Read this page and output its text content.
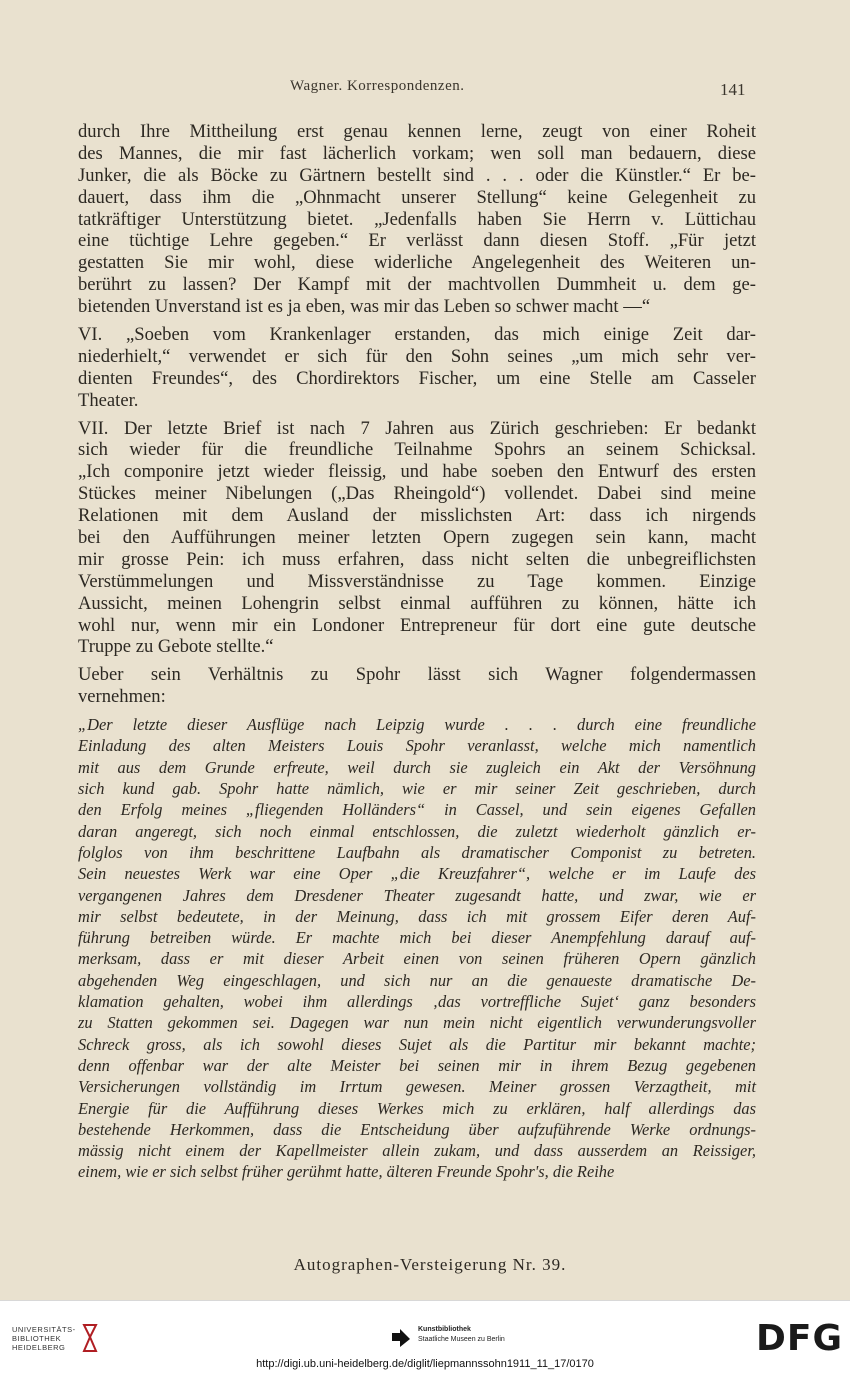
Wagner. Korrespondenzen.	141
durch Ihre Mittheilung erst genau kennen lerne, zeugt von einer Roheit
des Mannes, die mir fast lächerlich vorkam; wen soll man bedauern, diese
Junker, die als Böcke zu Gärtnern bestellt sind . . . oder die Künstler.“ Er be-
dauert, dass ihm die „Ohnmacht unserer Stellung“ keine Gelegenheit zu
tatkräftiger Unterstützung bietet. „Jedenfalls haben Sie Herrn v. Lüttichau
eine tüchtige Lehre gegeben.“ Er verlässt dann diesen Stoff. „Für jetzt
gestatten Sie mir wohl, diese widerliche Angelegenheit des Weiteren un-
berührt zu lassen? Der Kampf mit der machtvollen Dummheit u. dem ge-
bietenden Unverstand ist es ja eben, was mir das Leben so schwer macht —“
VI. „Soeben vom Krankenlager erstanden, das mich einige Zeit dar-
niederhielt,“ verwendet er sich für den Sohn seines „um mich sehr ver-
dienten Freundes“, des Chordirektors Fischer, um eine Stelle am Casseler
Theater.
VII. Der letzte Brief ist nach 7 Jahren aus Zürich geschrieben: Er bedankt
sich wieder für die freundliche Teilnahme Spohrs an seinem Schicksal.
„Ich componire jetzt wieder fleissig, und habe soeben den Entwurf des ersten
Stückes meiner Nibelungen („Das Rheingold“) vollendet. Dabei sind meine
Relationen mit dem Ausland der misslichsten Art: dass ich nirgends
bei den Aufführungen meiner letzten Opern zugegen sein kann, macht
mir grosse Pein: ich muss erfahren, dass nicht selten die unbegreiflichsten
Verstümmelungen und Missverständnisse zu Tage kommen. Einzige
Aussicht, meinen Lohengrin selbst einmal aufführen zu können, hätte ich
wohl nur, wenn mir ein Londoner Entrepreneur für dort eine gute deutsche
Truppe zu Gebote stellte.“
Ueber sein Verhältnis zu Spohr lässt sich Wagner folgendermassen
vernehmen:
„Der letzte dieser Ausflüge nach Leipzig wurde . . . durch eine freundliche
Einladung des alten Meisters Louis Spohr veranlasst, welche mich namentlich
mit aus dem Grunde erfreute, weil durch sie zugleich ein Akt der Versöhnung
sich kund gab. Spohr hatte nämlich, wie er mir seiner Zeit geschrieben, durch
den Erfolg meines „fliegenden Holländers“ in Cassel, und sein eigenes Gefallen
daran angeregt, sich noch einmal entschlossen, die zuletzt wiederholt gänzlich er-
folglos von ihm beschrittene Laufbahn als dramatischer Componist zu betreten.
Sein neuestes Werk war eine Oper „die Kreuzfahrer“, welche er im Laufe des
vergangenen Jahres dem Dresdener Theater zugesandt hatte, und zwar, wie er
mir selbst bedeutete, in der Meinung, dass ich mit grossem Eifer deren Auf-
führung betreiben würde. Er machte mich bei dieser Anempfehlung darauf auf-
merksam, dass er mit dieser Arbeit einen von seinen früheren Opern gänzlich
abgehenden Weg eingeschlagen, und sich nur an die genaueste dramatische De-
klamation gehalten, wobei ihm allerdings ‚das vortreffliche Sujet‘ ganz besonders
zu Statten gekommen sei. Dagegen war nun mein nicht eigentlich verwunderungsvoller
Schreck gross, als ich sowohl dieses Sujet als die Partitur mir bekannt machte;
denn offenbar war der alte Meister bei seinen mir in ihrem Bezug gegebenen
Versicherungen vollständig im Irrtum gewesen. Meiner grossen Verzagtheit, mit
Energie für die Aufführung dieses Werkes mich zu erklären, half allerdings das
bestehende Herkommen, dass die Entscheidung über aufzuführende Werke ordnungs-
mässig nicht einem der Kapellmeister allein zukam, und dass ausserdem an Reissiger,
einem, wie er sich selbst früher gerühmt hatte, älteren Freunde Spohr's, die Reihe
Autographen-Versteigerung Nr. 39.
UNIVERSITÄTS-
BIBLIOTHEK
HEIDELBERG
Kunstbibliothek
Staatliche Museen zu Berlin	DFG
http://digi.ub.uni-heidelberg.de/diglit/liepmannssohn1911_11_17/0170
